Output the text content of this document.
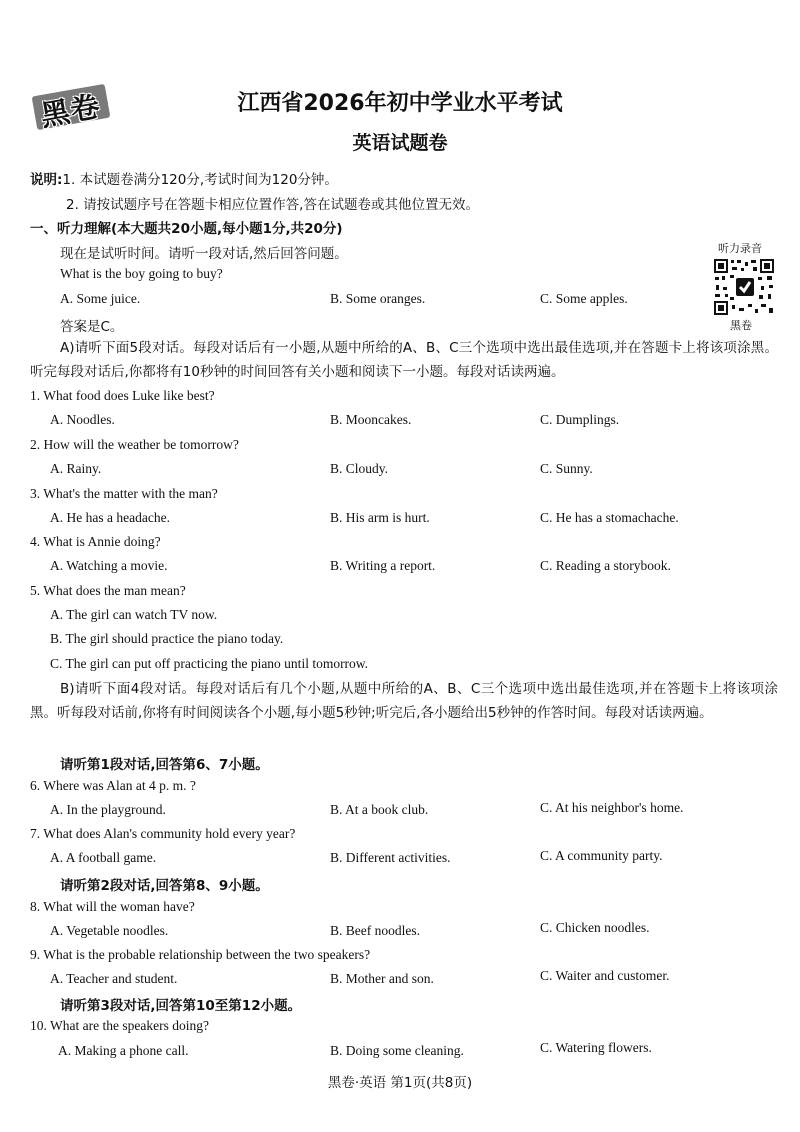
黑卷	江西省2026年初中学业水平考试
英语试题卷
说明:1. 本试题卷满分120分,考试时间为120分钟。
2. 请按试题序号在答题卡相应位置作答,答在试题卷或其他位置无效。
一、听力理解(本大题共20小题,每小题1分,共20分)
现在是试听时间。请听一段对话,然后回答问题。
What is the boy going to buy?
A. Some juice.	B. Some oranges.	C. Some apples.
答案是C。
听力录音
黑卷
A)请听下面5段对话。每段对话后有一小题,从题中所给的A、B、C三个选项中选出最佳选项,并在答题卡上将该项涂黑。听完每段对话后,你都将有10秒钟的时间回答有关小题和阅读下一小题。每段对话读两遍。
1. What food does Luke like best?
A. Noodles.	B. Mooncakes.	C. Dumplings.
2. How will the weather be tomorrow?
A. Rainy.	B. Cloudy.	C. Sunny.
3. What's the matter with the man?
A. He has a headache.	B. His arm is hurt.	C. He has a stomachache.
4. What is Annie doing?
A. Watching a movie.	B. Writing a report.	C. Reading a storybook.
5. What does the man mean?
A. The girl can watch TV now.
B. The girl should practice the piano today.
C. The girl can put off practicing the piano until tomorrow.
B)请听下面4段对话。每段对话后有几个小题,从题中所给的A、B、C三个选项中选出最佳选项,并在答题卡上将该项涂黑。听每段对话前,你将有时间阅读各个小题,每小题5秒钟;听完后,各小题给出5秒钟的作答时间。每段对话读两遍。
请听第1段对话,回答第6、7小题。
6. Where was Alan at 4 p. m. ?
A. In the playground.	B. At a book club.	C. At his neighbor's home.
7. What does Alan's community hold every year?
A. A football game.	B. Different activities.	C. A community party.
请听第2段对话,回答第8、9小题。
8. What will the woman have?
A. Vegetable noodles.	B. Beef noodles.	C. Chicken noodles.
9. What is the probable relationship between the two speakers?
A. Teacher and student.	B. Mother and son.	C. Waiter and customer.
请听第3段对话,回答第10至第12小题。
10. What are the speakers doing?
A. Making a phone call.	B. Doing some cleaning.	C. Watering flowers.
黑卷·英语 第1页(共8页)
